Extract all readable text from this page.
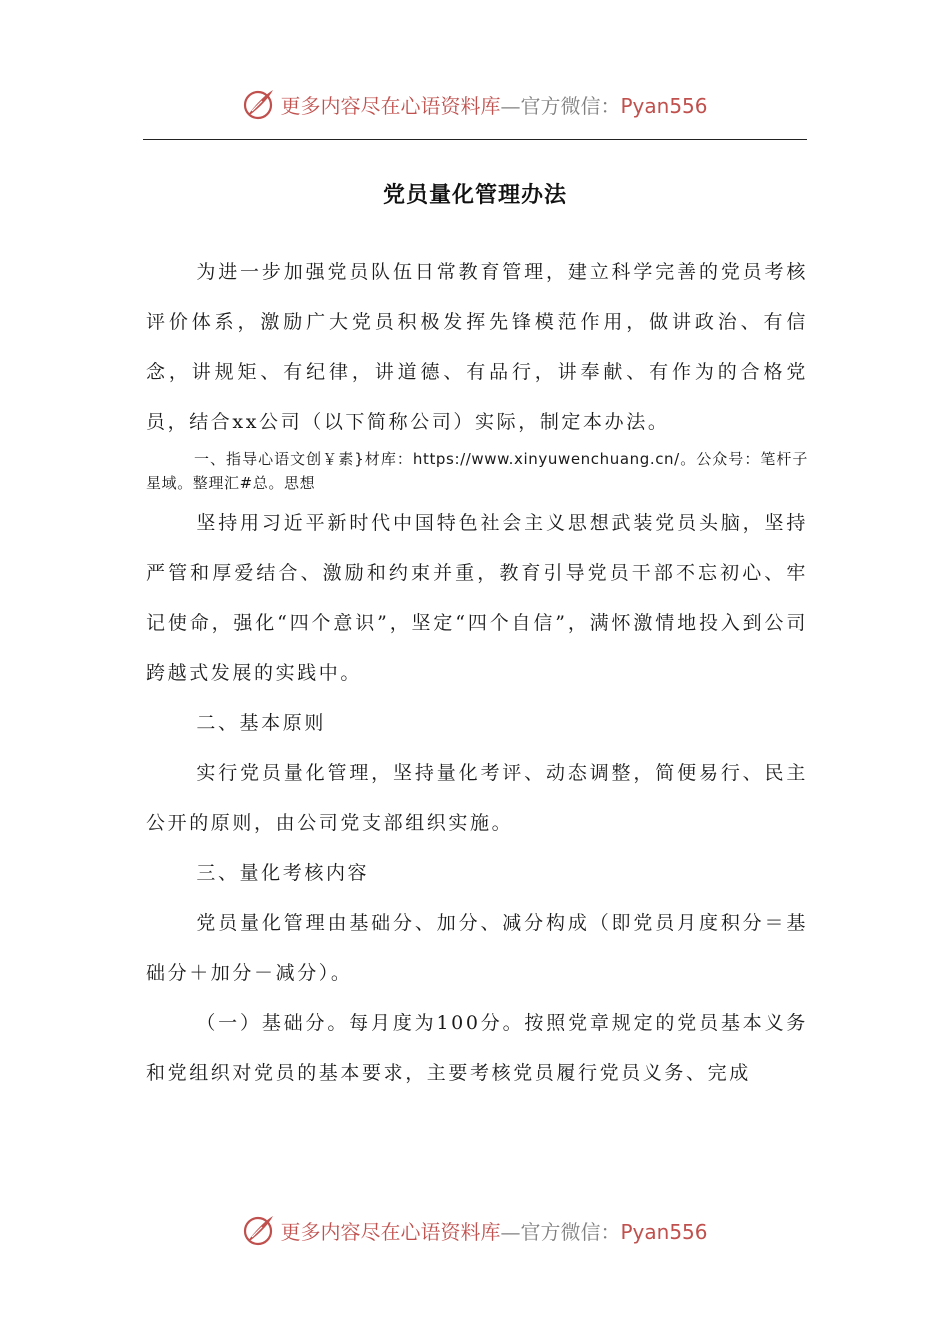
更多内容尽在心语资料库—官方微信：Pyan556
党员量化管理办法

为进一步加强党员队伍日常教育管理，建立科学完善的党员考核评价体系，激励广大党员积极发挥先锋模范作用，做讲政治、有信念，讲规矩、有纪律，讲道德、有品行，讲奉献、有作为的合格党员，结合xx公司（以下简称公司）实际，制定本办法。

一、指导心语文创￥素}材库：https://www.xinyuwenchuang.cn/。公众号：笔杆子星域。整理汇#总。思想

坚持用习近平新时代中国特色社会主义思想武装党员头脑，坚持严管和厚爱结合、激励和约束并重，教育引导党员干部不忘初心、牢记使命，强化“四个意识”，坚定“四个自信”，满怀激情地投入到公司跨越式发展的实践中。

二、基本原则

实行党员量化管理，坚持量化考评、动态调整，简便易行、民主公开的原则，由公司党支部组织实施。

三、量化考核内容

党员量化管理由基础分、加分、减分构成（即党员月度积分＝基础分＋加分－减分）。

（一）基础分。每月度为100分。按照党章规定的党员基本义务和党组织对党员的基本要求，主要考核党员履行党员义务、完成

更多内容尽在心语资料库—官方微信：Pyan556
